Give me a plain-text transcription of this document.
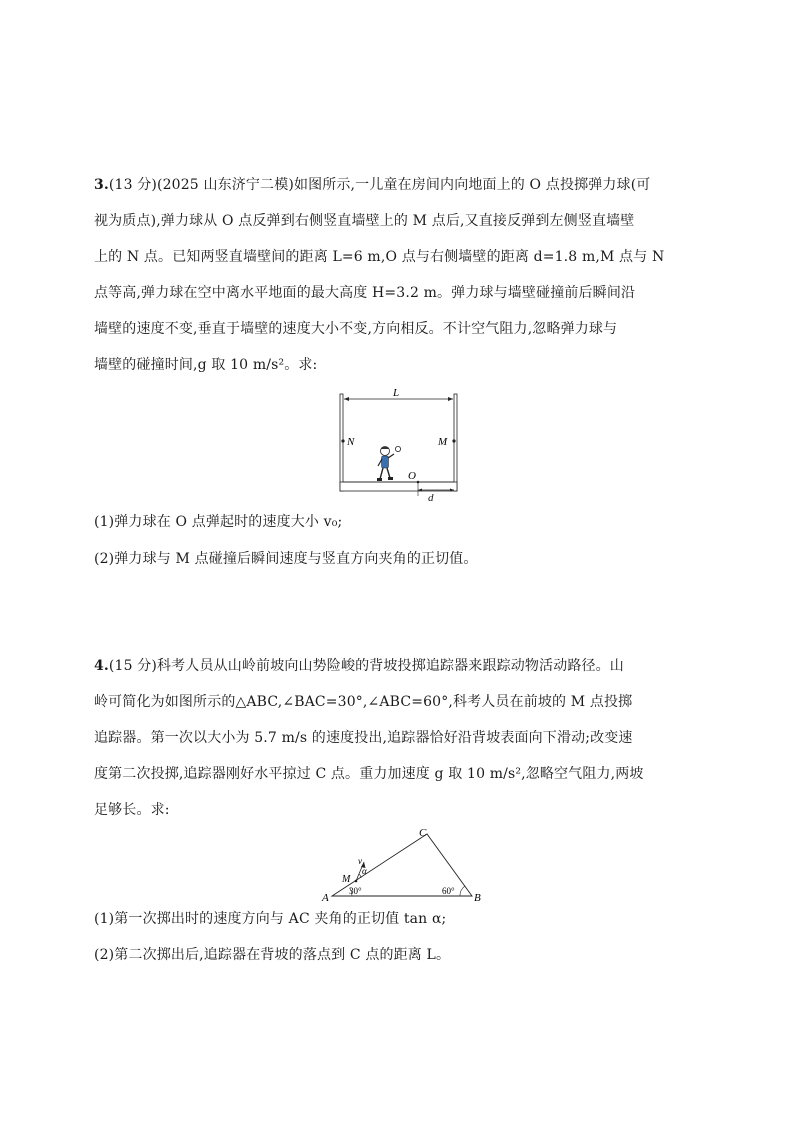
3.(13 分)(2025 山东济宁二模)如图所示,一儿童在房间内向地面上的 O 点投掷弹力球(可
视为质点),弹力球从 O 点反弹到右侧竖直墙壁上的 M 点后,又直接反弹到左侧竖直墙壁
上的 N 点。已知两竖直墙壁间的距离 L=6 m,O 点与右侧墙壁的距离 d=1.8 m,M 点与 N
点等高,弹力球在空中离水平地面的最大高度 H=3.2 m。弹力球与墙壁碰撞前后瞬间沿
墙壁的速度不变,垂直于墙壁的速度大小不变,方向相反。不计空气阻力,忽略弹力球与
墙壁的碰撞时间,g 取 10 m/s²。求:
L
N	M
O
d
(1)弹力球在 O 点弹起时的速度大小 v₀;
(2)弹力球与 M 点碰撞后瞬间速度与竖直方向夹角的正切值。
4.(15 分)科考人员从山岭前坡向山势险峻的背坡投掷追踪器来跟踪动物活动路径。山
岭可简化为如图所示的△ABC,∠BAC=30°,∠ABC=60°,科考人员在前坡的 M 点投掷
追踪器。第一次以大小为 5.7 m/s 的速度投出,追踪器恰好沿背坡表面向下滑动;改变速
度第二次投掷,追踪器刚好水平掠过 C 点。重力加速度 g 取 10 m/s²,忽略空气阻力,两坡
足够长。求:
A	B
C
30°	60°
M
v
α
(1)第一次掷出时的速度方向与 AC 夹角的正切值 tan α;
(2)第二次掷出后,追踪器在背坡的落点到 C 点的距离 L。
